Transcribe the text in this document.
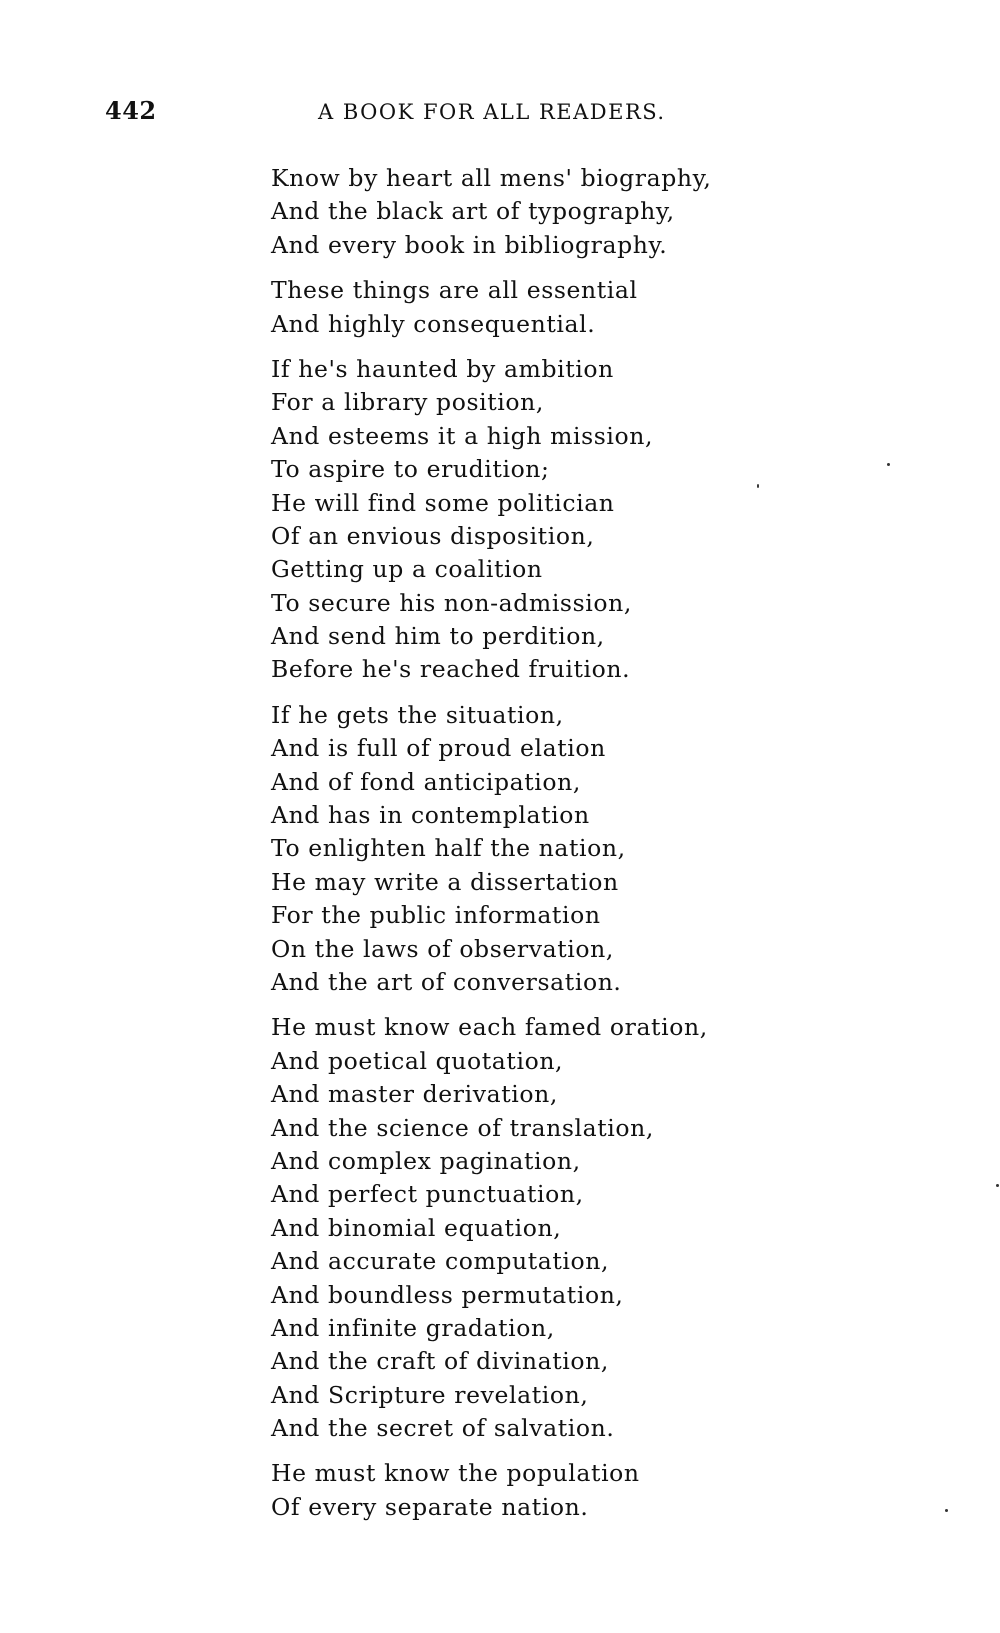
442	A BOOK FOR ALL READERS.
Know by heart all mens' biography,
And the black art of typography,
And every book in bibliography.
These things are all essential
And highly consequential.
If he's haunted by ambition
For a library position,
And esteems it a high mission,
To aspire to erudition;
He will find some politician
Of an envious disposition,
Getting up a coalition
To secure his non-admission,
And send him to perdition,
Before he's reached fruition.
If he gets the situation,
And is full of proud elation
And of fond anticipation,
And has in contemplation
To enlighten half the nation,
He may write a dissertation
For the public information
On the laws of observation,
And the art of conversation.
He must know each famed oration,
And poetical quotation,
And master derivation,
And the science of translation,
And complex pagination,
And perfect punctuation,
And binomial equation,
And accurate computation,
And boundless permutation,
And infinite gradation,
And the craft of divination,
And Scripture revelation,
And the secret of salvation.
He must know the population
Of every separate nation.
